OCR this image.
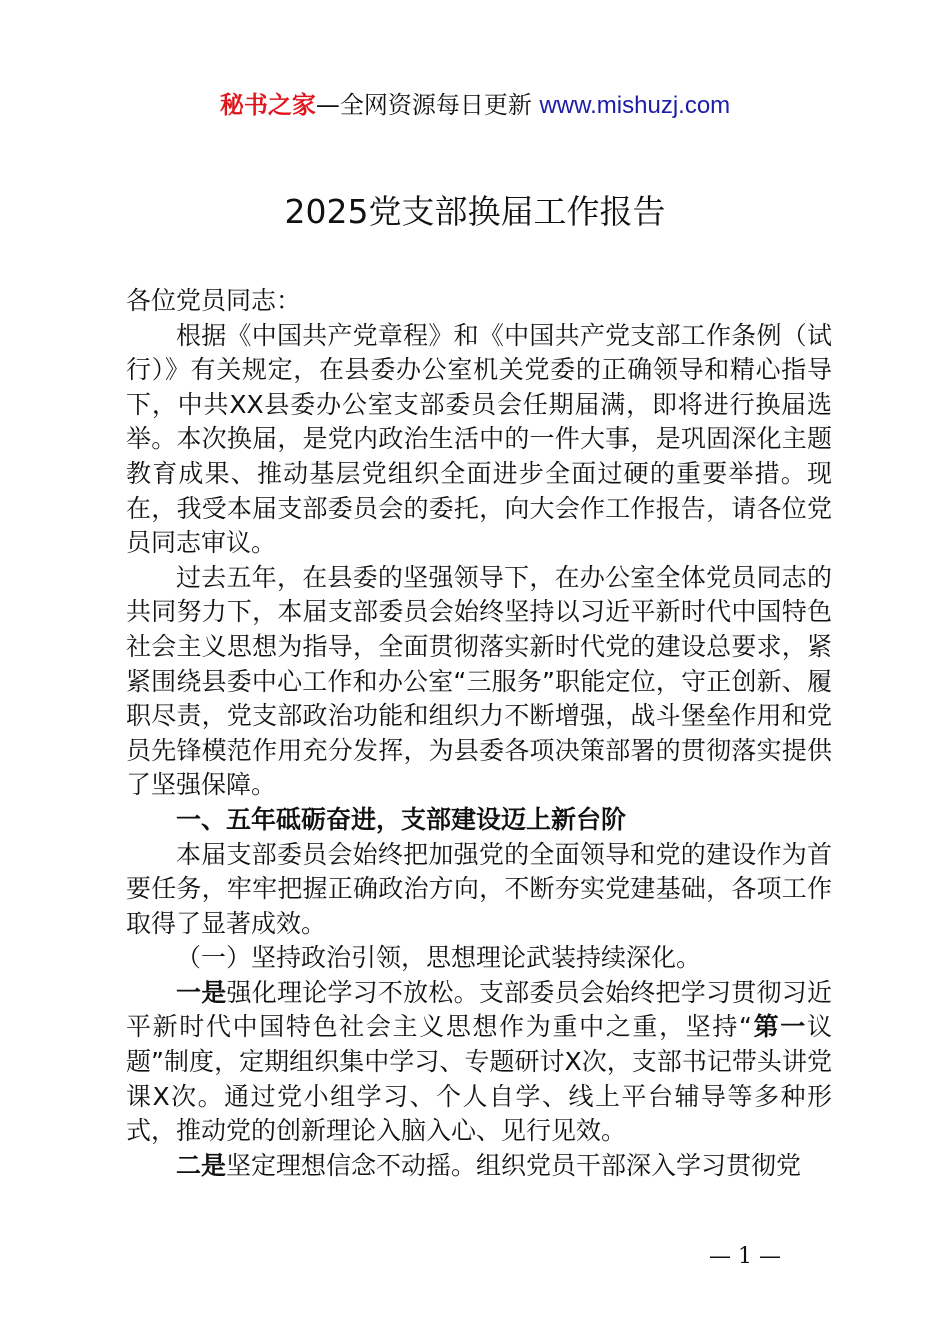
秘书之家—全网资源每日更新 www.mishuzj.com
2025党支部换届工作报告

各位党员同志：

根据《中国共产党章程》和《中国共产党支部工作条例（试行）》有关规定，在县委办公室机关党委的正确领导和精心指导下，中共XX县委办公室支部委员会任期届满，即将进行换届选举。本次换届，是党内政治生活中的一件大事，是巩固深化主题教育成果、推动基层党组织全面进步全面过硬的重要举措。现在，我受本届支部委员会的委托，向大会作工作报告，请各位党员同志审议。

过去五年，在县委的坚强领导下，在办公室全体党员同志的共同努力下，本届支部委员会始终坚持以习近平新时代中国特色社会主义思想为指导，全面贯彻落实新时代党的建设总要求，紧紧围绕县委中心工作和办公室“三服务”职能定位，守正创新、履职尽责，党支部政治功能和组织力不断增强，战斗堡垒作用和党员先锋模范作用充分发挥，为县委各项决策部署的贯彻落实提供了坚强保障。

一、五年砥砺奋进，支部建设迈上新台阶

本届支部委员会始终把加强党的全面领导和党的建设作为首要任务，牢牢把握正确政治方向，不断夯实党建基础，各项工作取得了显著成效。

（一）坚持政治引领，思想理论武装持续深化。

一是强化理论学习不放松。支部委员会始终把学习贯彻习近平新时代中国特色社会主义思想作为重中之重，坚持“第一议题”制度，定期组织集中学习、专题研讨X次，支部书记带头讲党课X次。通过党小组学习、个人自学、线上平台辅导等多种形式，推动党的创新理论入脑入心、见行见效。

二是坚定理想信念不动摇。组织党员干部深入学习贯彻党

— 1 —
